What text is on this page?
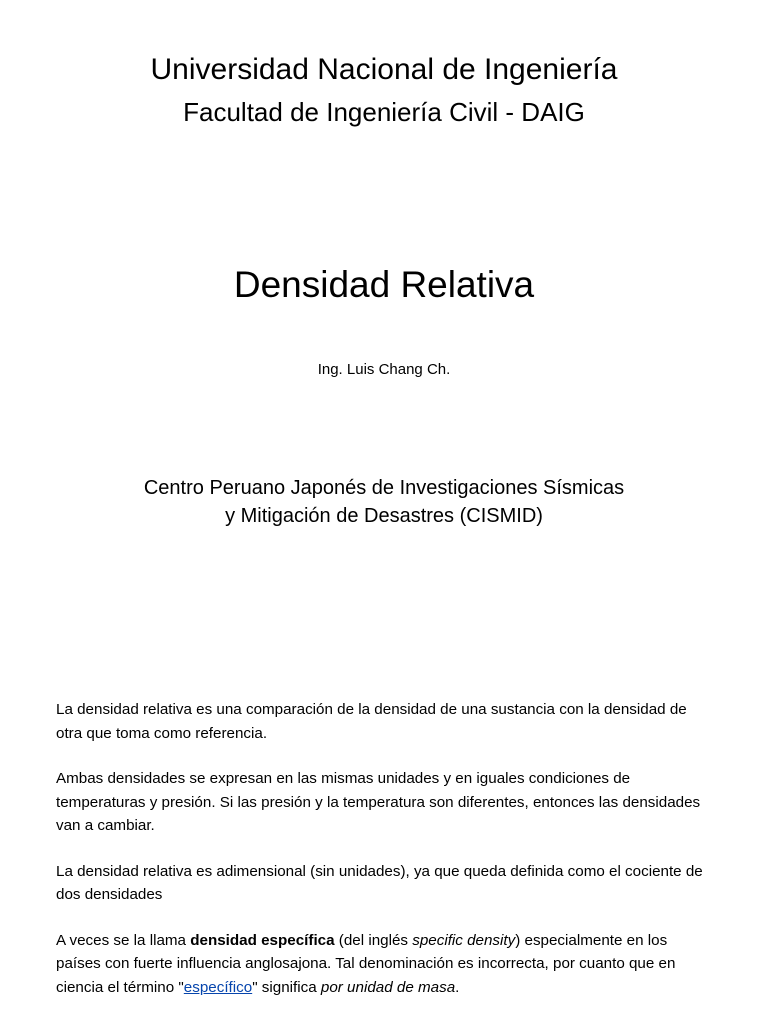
Universidad Nacional de Ingeniería
Facultad de Ingeniería Civil - DAIG
Densidad Relativa
Ing. Luis Chang Ch.
Centro Peruano Japonés de Investigaciones Sísmicas
y Mitigación de Desastres (CISMID)

La densidad relativa es una comparación de la densidad de una sustancia con la densidad de otra que toma como referencia.

Ambas densidades se expresan en las mismas unidades y en iguales condiciones de temperaturas y presión. Si las presión y la temperatura son diferentes, entonces las densidades van a cambiar.

La densidad relativa es adimensional (sin unidades), ya que queda definida como el cociente de dos densidades

A veces se la llama densidad específica (del inglés specific density) especialmente en los países con fuerte influencia anglosajona. Tal denominación es incorrecta, por cuanto que en ciencia el término "específico" significa por unidad de masa.
